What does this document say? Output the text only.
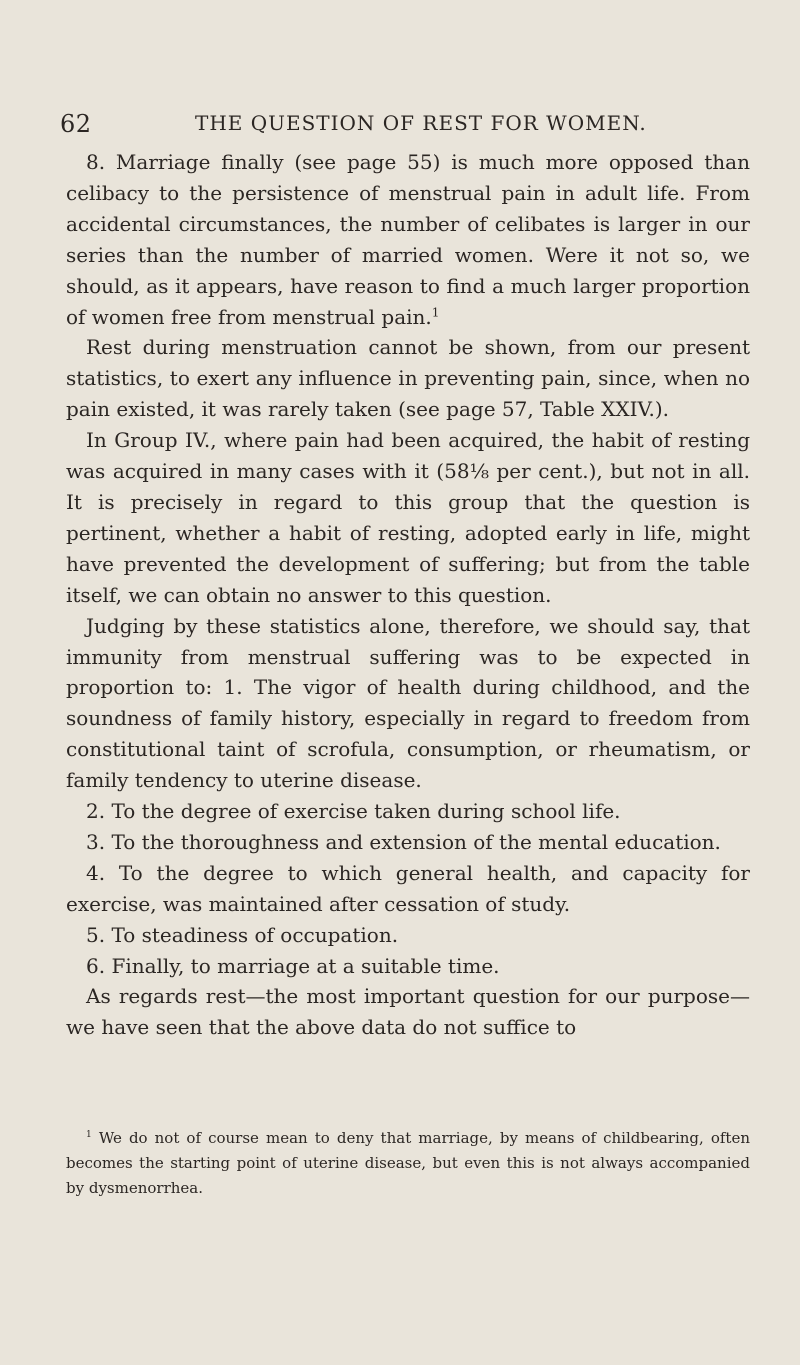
62	THE QUESTION OF REST FOR WOMEN.

8. Marriage finally (see page 55) is much more opposed than celibacy to the persistence of menstrual pain in adult life. From accidental circumstances, the number of celibates is larger in our series than the number of married women. Were it not so, we should, as it appears, have reason to find a much larger proportion of women free from menstrual pain.$^1$

Rest during menstruation cannot be shown, from our present statistics, to exert any influence in preventing pain, since, when no pain existed, it was rarely taken (see page 57, Table XXIV.).

In Group IV., where pain had been acquired, the habit of resting was acquired in many cases with it (58⅛ per cent.), but not in all. It is precisely in regard to this group that the question is pertinent, whether a habit of resting, adopted early in life, might have prevented the development of suffering; but from the table itself, we can obtain no answer to this question.

Judging by these statistics alone, therefore, we should say, that immunity from menstrual suffering was to be expected in proportion to: 1. The vigor of health during childhood, and the soundness of family history, especially in regard to freedom from constitutional taint of scrofula, consumption, or rheumatism, or family tendency to uterine disease.

2. To the degree of exercise taken during school life.

3. To the thoroughness and extension of the mental education.

4. To the degree to which general health, and capacity for exercise, was maintained after cessation of study.

5. To steadiness of occupation.

6. Finally, to marriage at a suitable time.

As regards rest—the most important question for our purpose—we have seen that the above data do not suffice to

$^1$ We do not of course mean to deny that marriage, by means of childbearing, often becomes the starting point of uterine disease, but even this is not always accompanied by dysmenorrhea.
